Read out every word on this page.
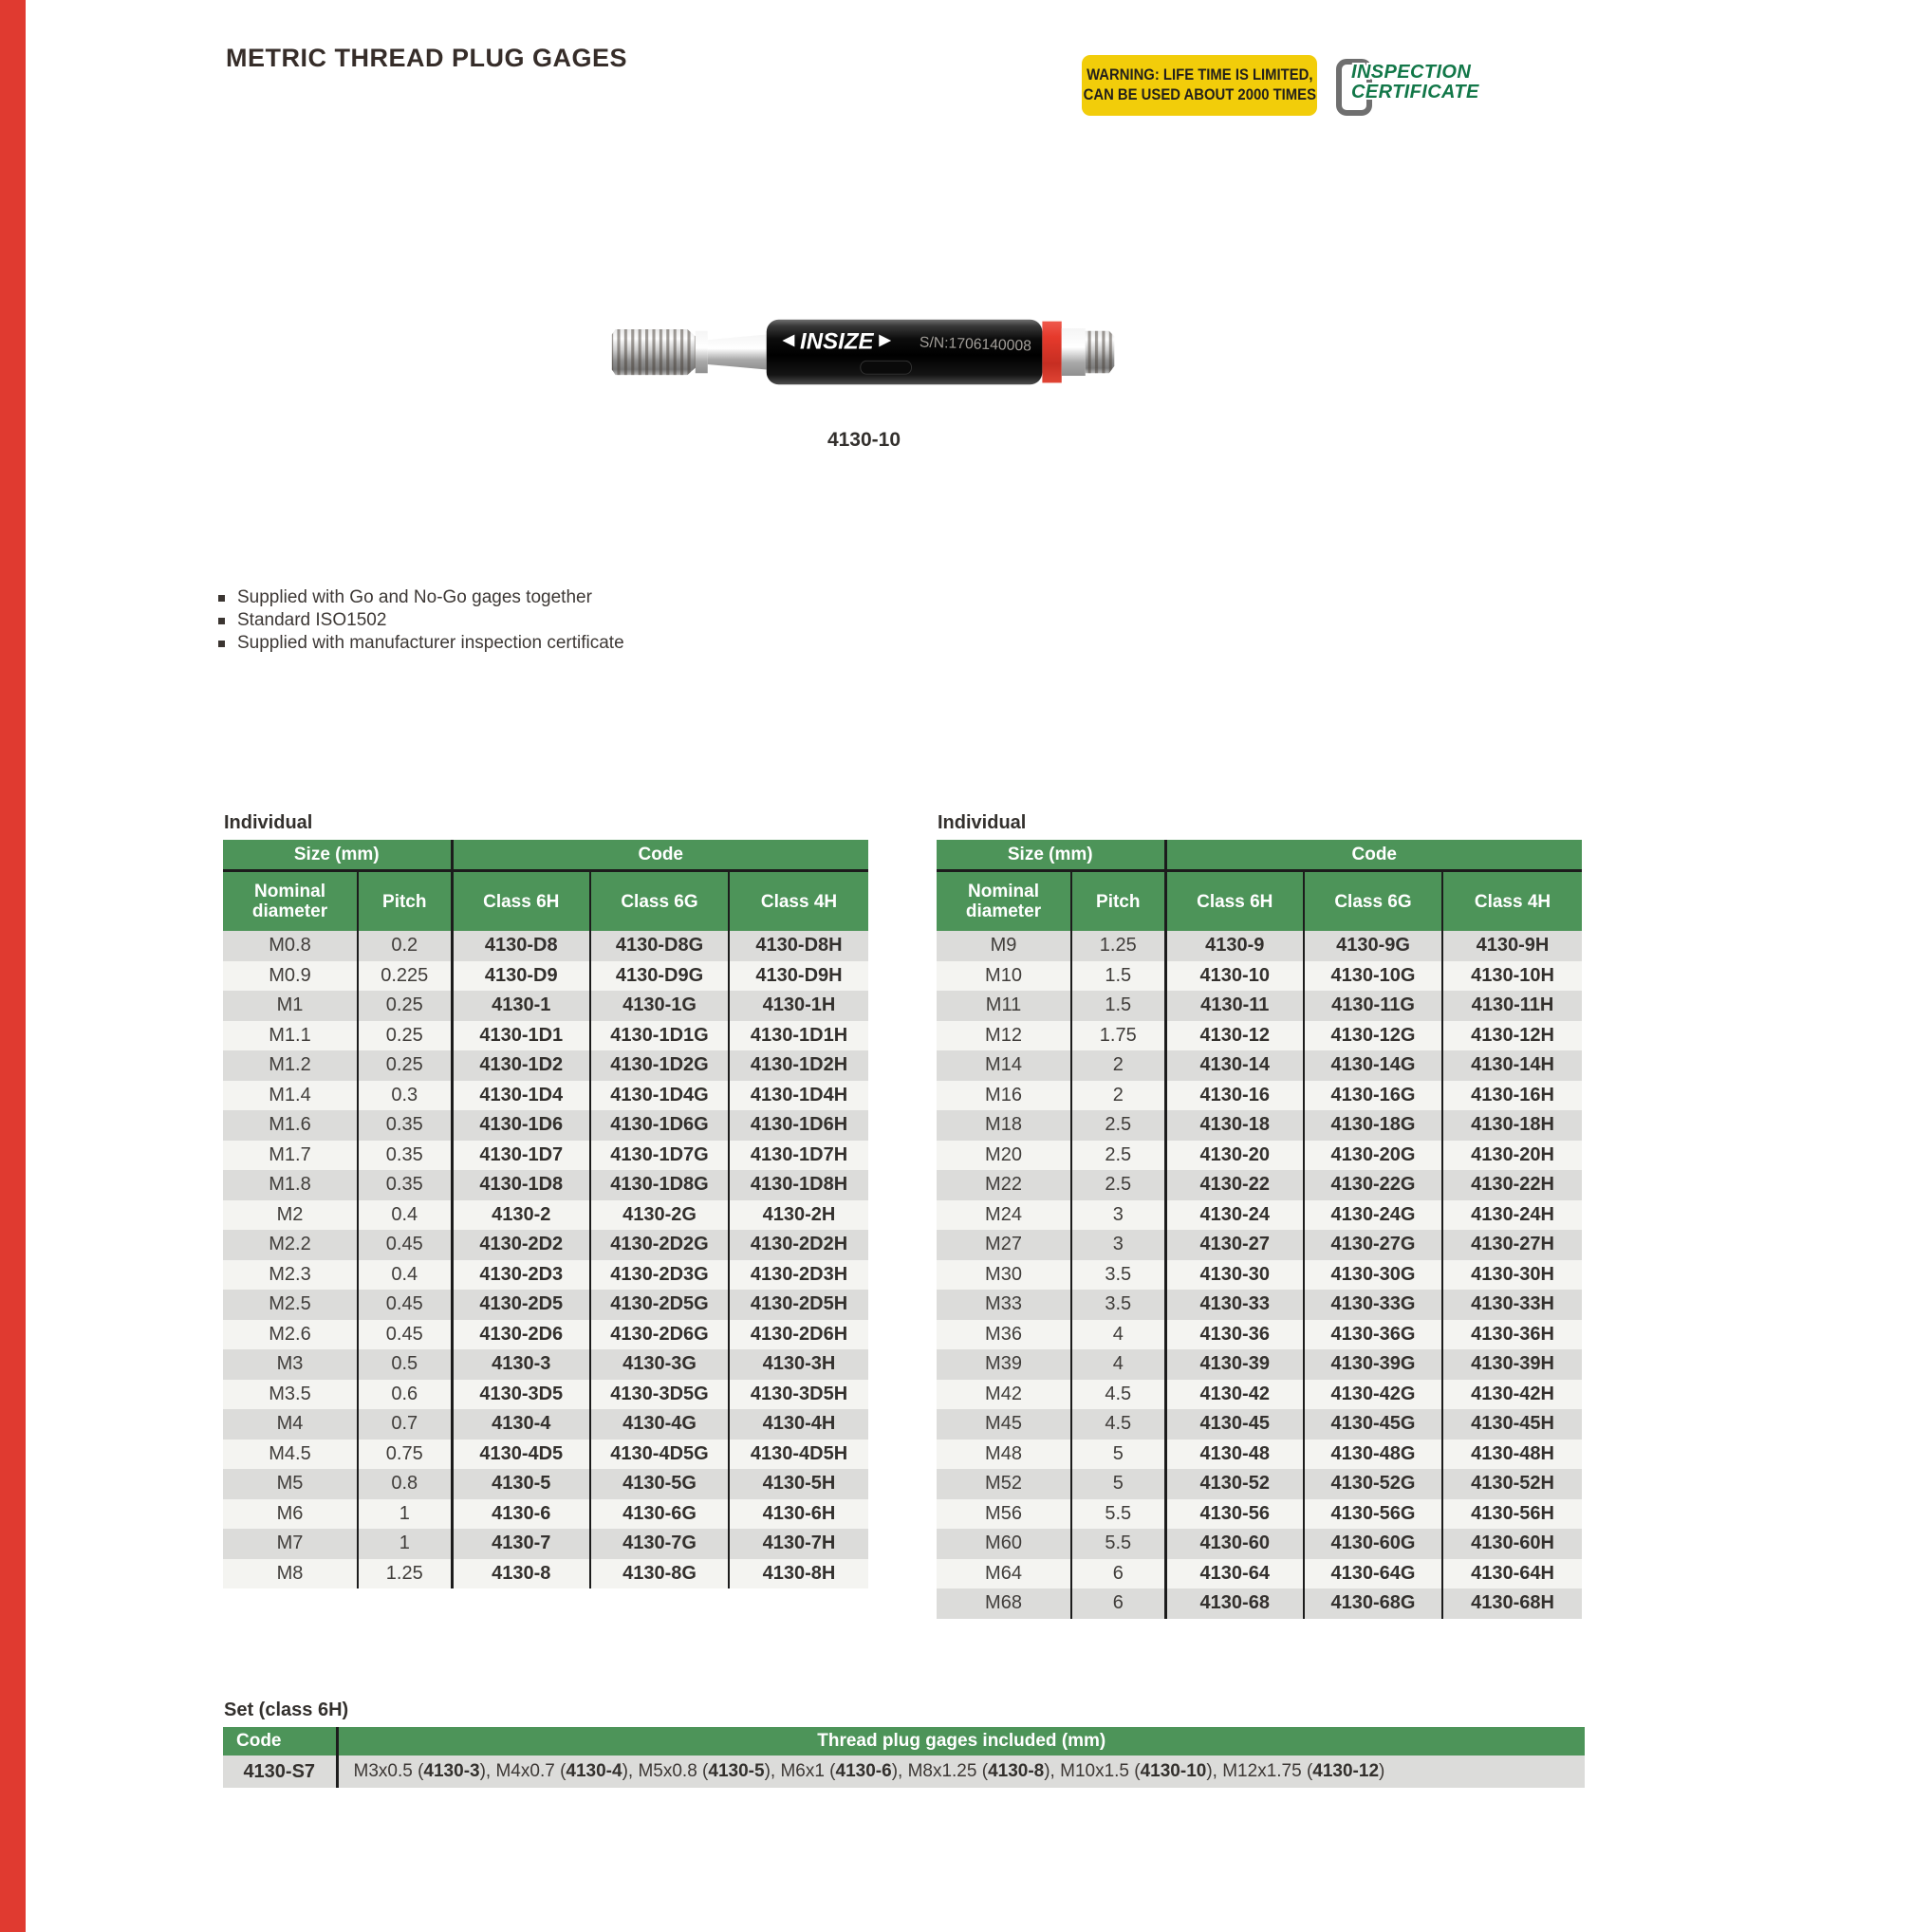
METRIC THREAD PLUG GAGES
WARNING: LIFE TIME IS LIMITED,
CAN BE USED ABOUT 2000 TIMES
INSPECTION
CERTIFICATE
INSIZE	S/N:1706140008
4130-10
Supplied with Go and No-Go gages together
Standard ISO1502
Supplied with manufacturer inspection certificate
Individual
Size (mm)		Code		
Nominal diameter	Pitch	Class 6H	Class 6G	Class 4H
M0.8	0.2	4130-D8	4130-D8G	4130-D8H
M0.9	0.225	4130-D9	4130-D9G	4130-D9H
M1	0.25	4130-1	4130-1G	4130-1H
M1.1	0.25	4130-1D1	4130-1D1G	4130-1D1H
M1.2	0.25	4130-1D2	4130-1D2G	4130-1D2H
M1.4	0.3	4130-1D4	4130-1D4G	4130-1D4H
M1.6	0.35	4130-1D6	4130-1D6G	4130-1D6H
M1.7	0.35	4130-1D7	4130-1D7G	4130-1D7H
M1.8	0.35	4130-1D8	4130-1D8G	4130-1D8H
M2	0.4	4130-2	4130-2G	4130-2H
M2.2	0.45	4130-2D2	4130-2D2G	4130-2D2H
M2.3	0.4	4130-2D3	4130-2D3G	4130-2D3H
M2.5	0.45	4130-2D5	4130-2D5G	4130-2D5H
M2.6	0.45	4130-2D6	4130-2D6G	4130-2D6H
M3	0.5	4130-3	4130-3G	4130-3H
M3.5	0.6	4130-3D5	4130-3D5G	4130-3D5H
M4	0.7	4130-4	4130-4G	4130-4H
M4.5	0.75	4130-4D5	4130-4D5G	4130-4D5H
M5	0.8	4130-5	4130-5G	4130-5H
M6	1	4130-6	4130-6G	4130-6H
M7	1	4130-7	4130-7G	4130-7H
M8	1.25	4130-8	4130-8G	4130-8H
Individual
Size (mm)		Code		
Nominal diameter	Pitch	Class 6H	Class 6G	Class 4H
M9	1.25	4130-9	4130-9G	4130-9H
M10	1.5	4130-10	4130-10G	4130-10H
M11	1.5	4130-11	4130-11G	4130-11H
M12	1.75	4130-12	4130-12G	4130-12H
M14	2	4130-14	4130-14G	4130-14H
M16	2	4130-16	4130-16G	4130-16H
M18	2.5	4130-18	4130-18G	4130-18H
M20	2.5	4130-20	4130-20G	4130-20H
M22	2.5	4130-22	4130-22G	4130-22H
M24	3	4130-24	4130-24G	4130-24H
M27	3	4130-27	4130-27G	4130-27H
M30	3.5	4130-30	4130-30G	4130-30H
M33	3.5	4130-33	4130-33G	4130-33H
M36	4	4130-36	4130-36G	4130-36H
M39	4	4130-39	4130-39G	4130-39H
M42	4.5	4130-42	4130-42G	4130-42H
M45	4.5	4130-45	4130-45G	4130-45H
M48	5	4130-48	4130-48G	4130-48H
M52	5	4130-52	4130-52G	4130-52H
M56	5.5	4130-56	4130-56G	4130-56H
M60	5.5	4130-60	4130-60G	4130-60H
M64	6	4130-64	4130-64G	4130-64H
M68	6	4130-68	4130-68G	4130-68H
Set (class 6H)
Code	Thread plug gages included (mm)
4130-S7	M3x0.5 (4130-3), M4x0.7 (4130-4), M5x0.8 (4130-5), M6x1 (4130-6), M8x1.25 (4130-8), M10x1.5 (4130-10), M12x1.75 (4130-12)
